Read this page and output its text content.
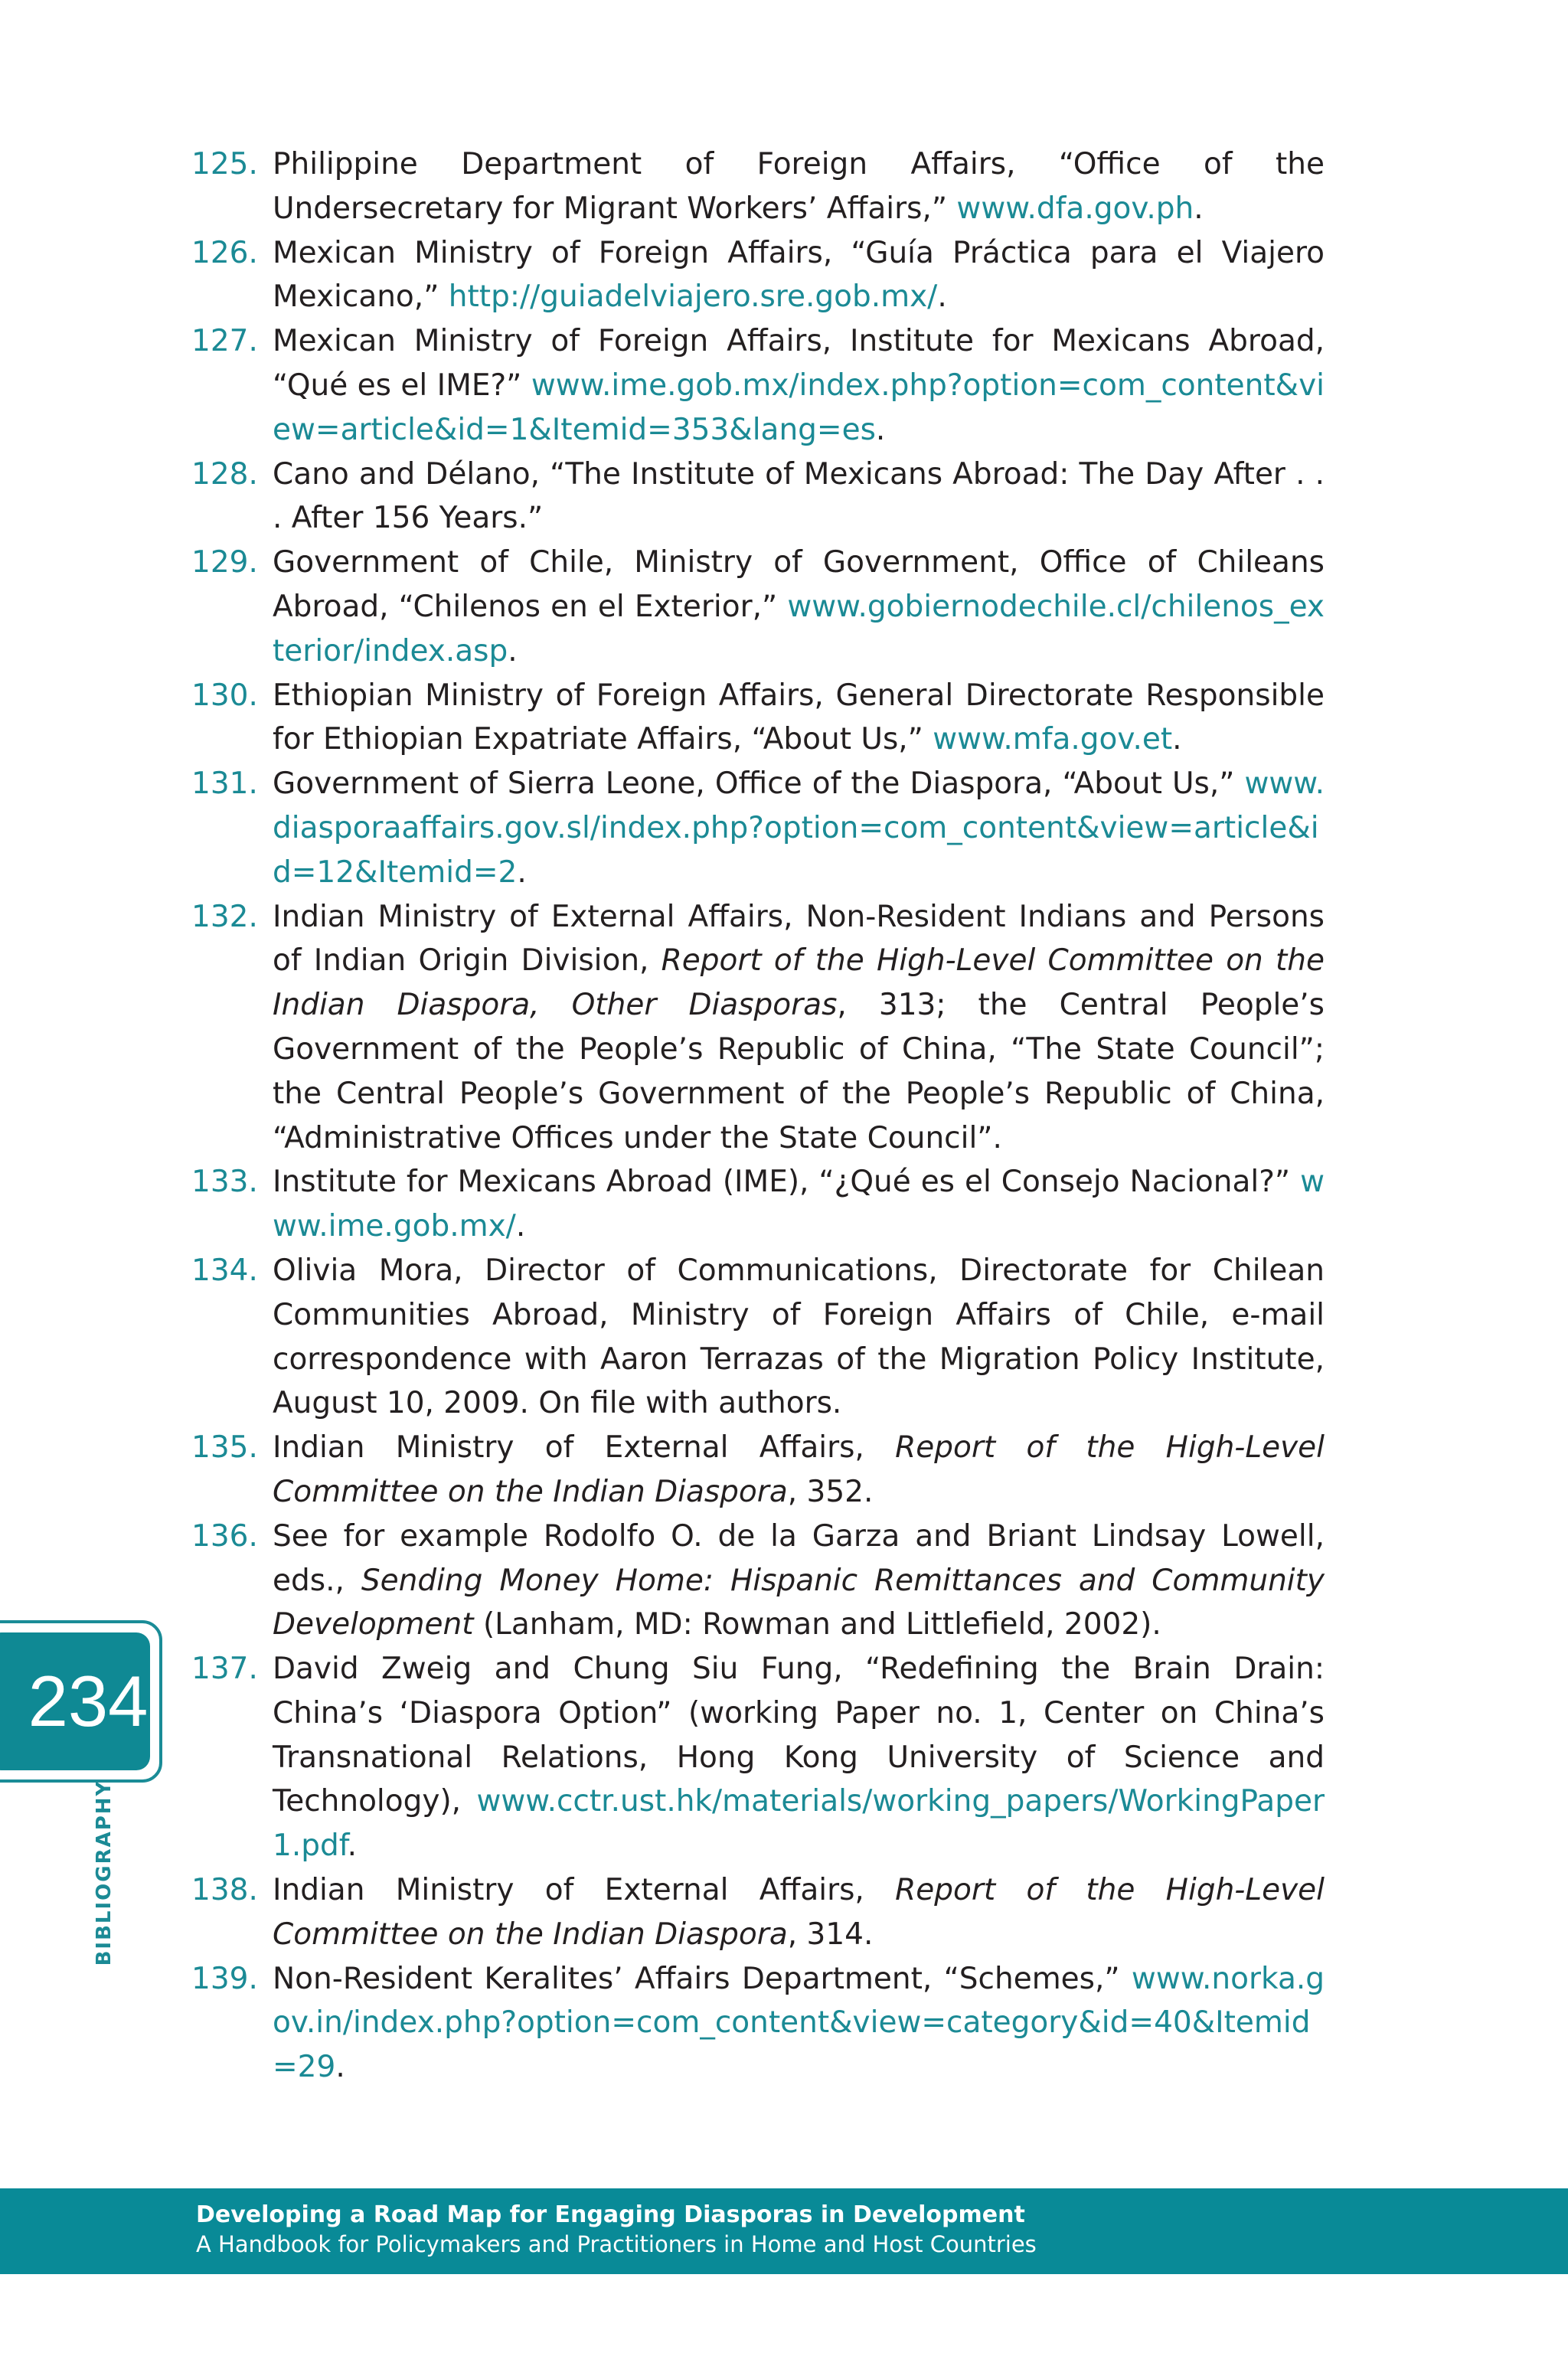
125. Philippine Department of Foreign Affairs, “Office of the Undersecretary for Migrant Workers’ Affairs,” www.dfa.gov.ph.
126. Mexican Ministry of Foreign Affairs, “Guía Práctica para el Viajero Mexicano,” http://guiadelviajero.sre.gob.mx/.
127. Mexican Ministry of Foreign Affairs, Institute for Mexicans Abroad, “Qué es el IME?” www.ime.gob.mx/index.php?option=com_content&view=article&id=1&Itemid=353&lang=es.
128. Cano and Délano, “The Institute of Mexicans Abroad: The Day After . . . After 156 Years.”
129. Government of Chile, Ministry of Government, Office of Chileans Abroad, “Chilenos en el Exterior,” www.gobiernodechile.cl/chilenos_exterior/index.asp.
130. Ethiopian Ministry of Foreign Affairs, General Directorate Responsible for Ethiopian Expatriate Affairs, “About Us,” www.mfa.gov.et.
131. Government of Sierra Leone, Office of the Diaspora, “About Us,” www.diasporaaffairs.gov.sl/index.php?option=com_content&view=article&id=12&Itemid=2.
132. Indian Ministry of External Affairs, Non-Resident Indians and Persons of Indian Origin Division, Report of the High-Level Committee on the Indian Diaspora, Other Diasporas, 313; the Central People’s Government of the People’s Republic of China, “The State Council”; the Central People’s Government of the People’s Republic of China, “Administrative Offices under the State Council”.
133. Institute for Mexicans Abroad (IME), “¿Qué es el Consejo Nacional?” www.ime.gob.mx/.
134. Olivia Mora, Director of Communications, Directorate for Chilean Communities Abroad, Ministry of Foreign Affairs of Chile, e-mail correspondence with Aaron Terrazas of the Migration Policy Institute, August 10, 2009. On file with authors.
135. Indian Ministry of External Affairs, Report of the High-Level Committee on the Indian Diaspora, 352.
136. See for example Rodolfo O. de la Garza and Briant Lindsay Lowell, eds., Sending Money Home: Hispanic Remittances and Community Development (Lanham, MD: Rowman and Littlefield, 2002).
137. David Zweig and Chung Siu Fung, “Redefining the Brain Drain: China’s ‘Diaspora Option” (working Paper no. 1, Center on China’s Transnational Relations, Hong Kong University of Science and Technology), www.cctr.ust.hk/materials/working_papers/WorkingPaper1.pdf.
138. Indian Ministry of External Affairs, Report of the High-Level Committee on the Indian Diaspora, 314.
139. Non-Resident Keralites’ Affairs Department, “Schemes,” www.norka.gov.in/index.php?option=com_content&view=category&id=40&Itemid=29.
234
BIBLIOGRAPHY
Developing a Road Map for Engaging Diasporas in Development
A Handbook for Policymakers and Practitioners in Home and Host Countries
